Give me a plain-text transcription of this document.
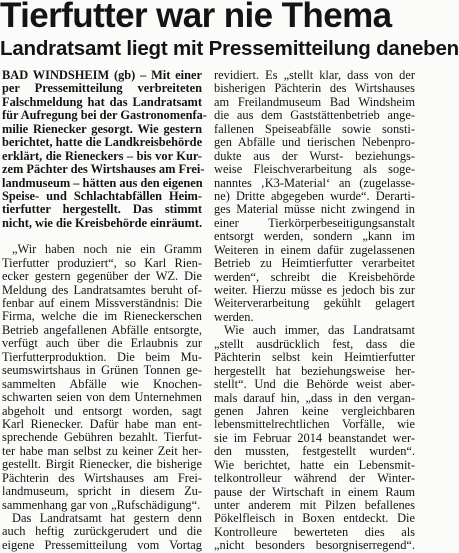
Tierfutter war nie Thema
Landratsamt liegt mit Pressemitteilung daneben
BAD WINDSHEIM (gb) – Mit einer
per Pressemitteilung verbreiteten
Falschmeldung hat das Landratsamt
für Aufregung bei der Gastronomenfa-
milie Rienecker gesorgt. Wie gestern
berichtet, hatte die Landkreisbehörde
erklärt, die Rieneckers – bis vor Kur-
zem Pächter des Wirtshauses am Frei-
landmuseum – hätten aus den eigenen
Speise- und Schlachtabfällen Heim-
tierfutter hergestellt. Das stimmt
nicht, wie die Kreisbehörde einräumt.
„Wir haben noch nie ein Gramm
Tierfutter produziert“, so Karl Rien-
ecker gestern gegenüber der WZ. Die
Meldung des Landratsamtes beruht of-
fenbar auf einem Missverständnis: Die
Firma, welche die im Rieneckerschen
Betrieb angefallenen Abfälle entsorgte,
verfügt auch über die Erlaubnis zur
Tierfutterproduktion. Die beim Mu-
seumswirtshaus in Grünen Tonnen ge-
sammelten Abfälle wie Knochen-
schwarten seien von dem Unternehmen
abgeholt und entsorgt worden, sagt
Karl Rienecker. Dafür habe man ent-
sprechende Gebühren bezahlt. Tierfut-
ter habe man selbst zu keiner Zeit her-
gestellt. Birgit Rienecker, die bisherige
Pächterin des Wirtshauses am Frei-
landmuseum, spricht in diesem Zu-
sammenhang gar von „Rufschädigung“.
Das Landratsamt hat gestern denn
auch heftig zurückgerudert und die
eigene Pressemitteilung vom Vortag
revidiert. Es „stellt klar, dass von der
bisherigen Pächterin des Wirtshauses
am Freilandmuseum Bad Windsheim
die aus dem Gaststättenbetrieb ange-
fallenen Speiseabfälle sowie sonsti-
gen Abfälle und tierischen Nebenpro-
dukte aus der Wurst- beziehungs-
weise Fleischverarbeitung als soge-
nanntes ‚K3-Material‘ an (zugelasse-
ne) Dritte abgegeben wurde“. Derarti-
ges Material müsse nicht zwingend in
einer Tierkörperbeseitigungsanstalt
entsorgt werden, sondern „kann im
Weiteren in einem dafür zugelassenen
Betrieb zu Heimtierfutter verarbeitet
werden“, schreibt die Kreisbehörde
weiter. Hierzu müsse es jedoch bis zur
Weiterverarbeitung gekühlt gelagert
werden.
Wie auch immer, das Landratsamt
„stellt ausdrücklich fest, dass die
Pächterin selbst kein Heimtierfutter
hergestellt hat beziehungsweise her-
stellt“. Und die Behörde weist aber-
mals darauf hin, „dass in den vergan-
genen Jahren keine vergleichbaren
lebensmittelrechtlichen Vorfälle, wie
sie im Februar 2014 beanstandet wer-
den mussten, festgestellt wurden“.
Wie berichtet, hatte ein Lebensmit-
telkontrolleur während der Winter-
pause der Wirtschaft in einem Raum
unter anderem mit Pilzen befallenes
Pökelfleisch in Boxen entdeckt. Die
Kontrolleure bewerteten dies als
„nicht besonders besorgniserregend“.
